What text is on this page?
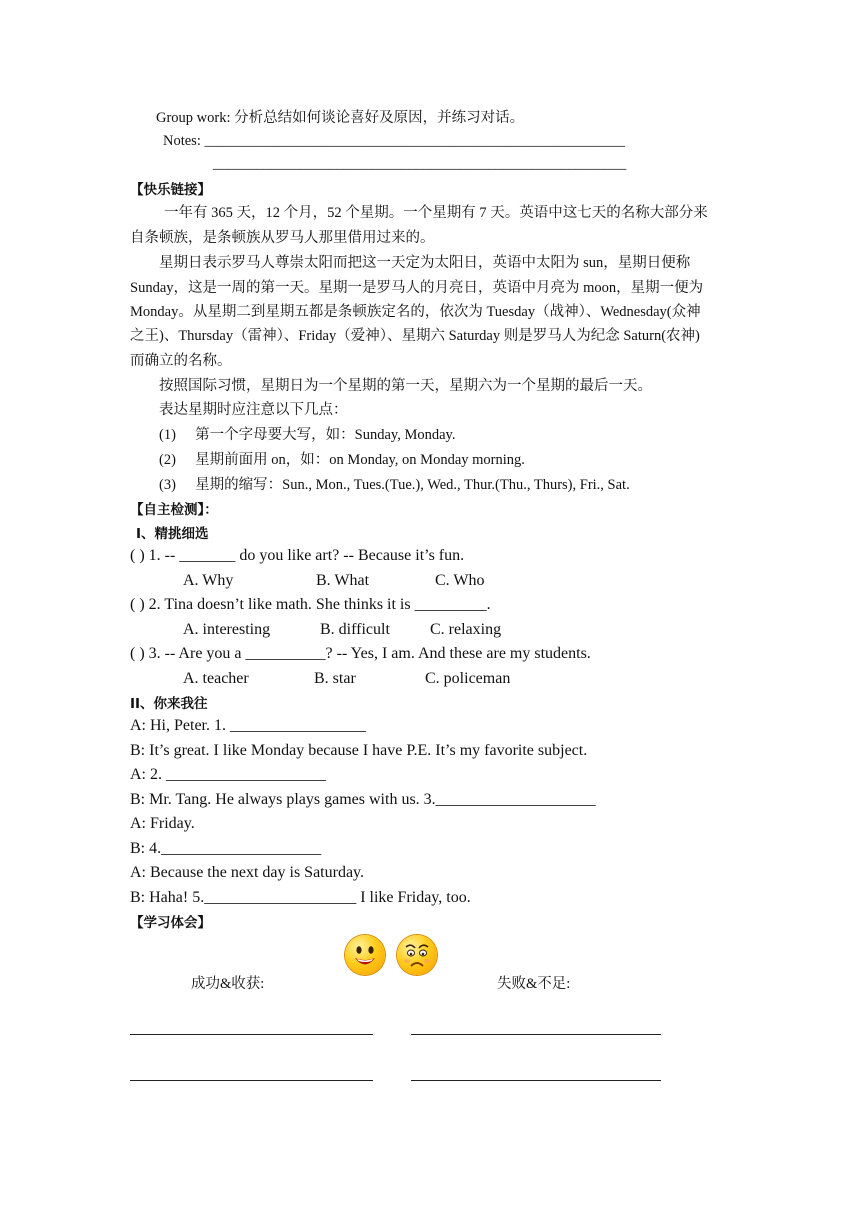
Group work: 分析总结如何谈论喜好及原因，并练习对话。
Notes: __________________________________________________________
_________________________________________________________
【快乐链接】
一年有 365 天，12 个月，52 个星期。一个星期有 7 天。英语中这七天的名称大部分来
自条顿族，是条顿族从罗马人那里借用过来的。
星期日表示罗马人尊崇太阳而把这一天定为太阳日，英语中太阳为 sun，星期日便称
Sunday，这是一周的第一天。星期一是罗马人的月亮日，英语中月亮为 moon，星期一便为
Monday。从星期二到星期五都是条顿族定名的，依次为 Tuesday（战神）、Wednesday(众神
之王)、Thursday（雷神）、Friday（爱神）、星期六 Saturday 则是罗马人为纪念 Saturn(农神)
而确立的名称。
按照国际习惯，星期日为一个星期的第一天，星期六为一个星期的最后一天。
表达星期时应注意以下几点：
(1) 第一个字母要大写，如：Sunday, Monday.
(2) 星期前面用 on，如：on Monday, on Monday morning.
(3) 星期的缩写：Sun., Mon., Tues.(Tue.), Wed., Thur.(Thu., Thurs), Fri., Sat.
【自主检测】：
I、精挑细选
( ) 1. -- _______ do you like art? -- Because it’s fun.
A. Why	B. What	C. Who
( ) 2. Tina doesn’t like math. She thinks it is _________.
A. interesting	B. difficult	C. relaxing
( ) 3. -- Are you a __________? -- Yes, I am. And these are my students.
A. teacher	B. star	C. policeman
II、你来我往
A: Hi, Peter. 1. _________________
B: It’s great. I like Monday because I have P.E. It’s my favorite subject.
A: 2. ____________________
B: Mr. Tang. He always plays games with us. 3.____________________
A: Friday.
B: 4.____________________
A: Because the next day is Saturday.
B: Haha! 5.___________________ I like Friday, too.
【学习体会】
成功&收获:	失败&不足:
